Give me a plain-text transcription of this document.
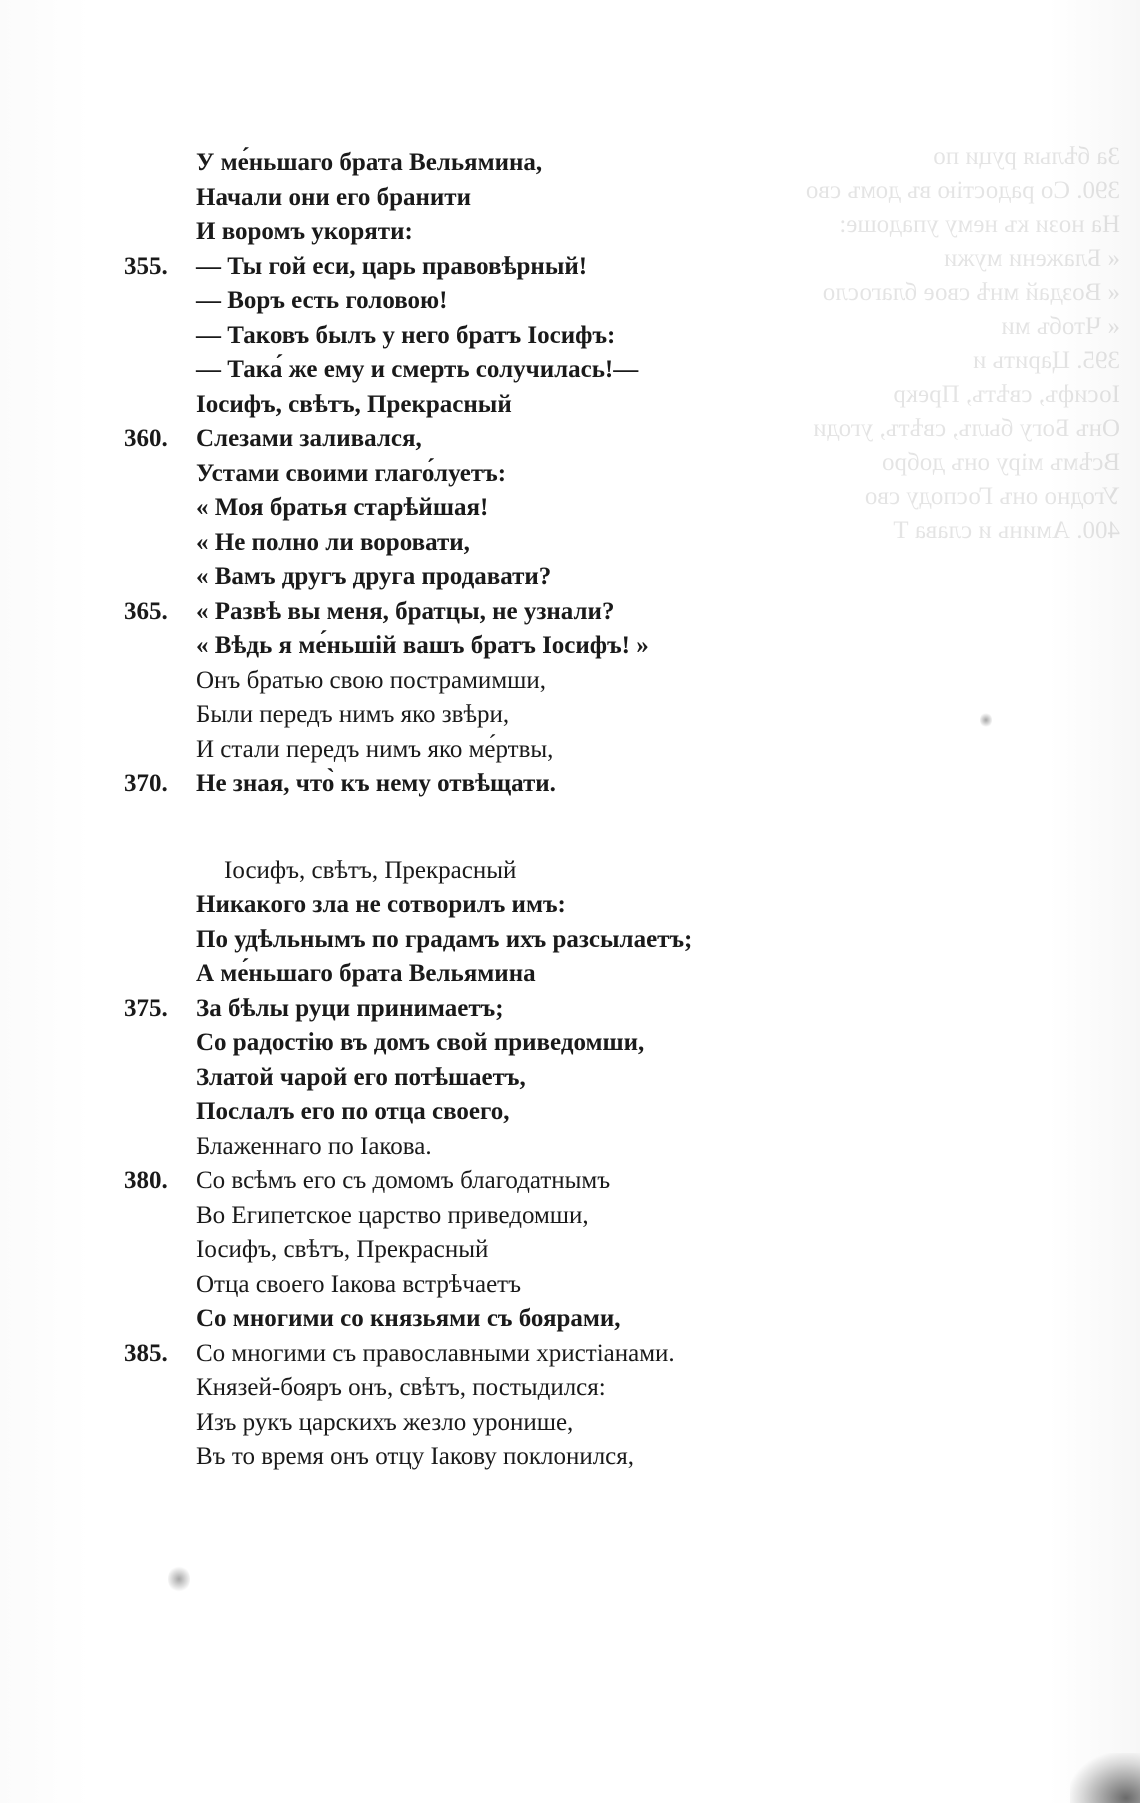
За бѣлыя руци по
390. Со радостію въ домъ сво
На нози къ нему упадоше:
« Блажени мужи
« Воздай мнѣ свое благосло
« Чтобъ ми
395. Царить и
Іосифъ, свѣтъ, Прекр
Онъ Богу былъ, свѣтъ, угоди
Всѣмъ міру онъ добро
Угодно онъ Господу сво
400. Аминь и слава Т
У ме́ньшаго брата Вельямина,
Начали они его бранити
И воромъ укоряти:
355.	— Ты гой еси, царь правовѣрный!
— Воръ есть головою!
— Таковъ былъ у него братъ Іосифъ:
— Така́ же ему и смерть солучилась!—
Іосифъ, свѣтъ, Прекрасный
360.	Слезами заливался,
Устами своими глаго́луетъ:
« Моя братья старѣйшая!
« Не полно ли воровати,
« Вамъ другъ друга продавати?
365.	« Развѣ вы меня, братцы, не узнали?
« Вѣдь я ме́ньшій вашъ братъ Іосифъ! »
Онъ братью свою пострамимши,
Были передъ нимъ яко звѣри,
И стали передъ нимъ яко ме́ртвы,
370.	Не зная, что̀ къ нему отвѣщати.
Іосифъ, свѣтъ, Прекрасный
Никакого зла не сотворилъ имъ:
По удѣльнымъ по градамъ ихъ разсылаетъ;
А ме́ньшаго брата Вельямина
375.	За бѣлы руци принимаетъ;
Со радостію въ домъ свой приведомши,
Златой чарой его потѣшаетъ,
Послалъ его по отца своего,
Блаженнаго по Іакова.
380.	Со всѣмъ его съ домомъ благодатнымъ
Во Египетское царство приведомши,
Іосифъ, свѣтъ, Прекрасный
Отца своего Іакова встрѣчаетъ
Со многими со князьями съ боярами,
385.	Со многими съ православными христіанами.
Князей-бояръ онъ, свѣтъ, постыдился:
Изъ рукъ царскихъ жезло уронише,
Въ то время онъ отцу Іакову поклонился,
